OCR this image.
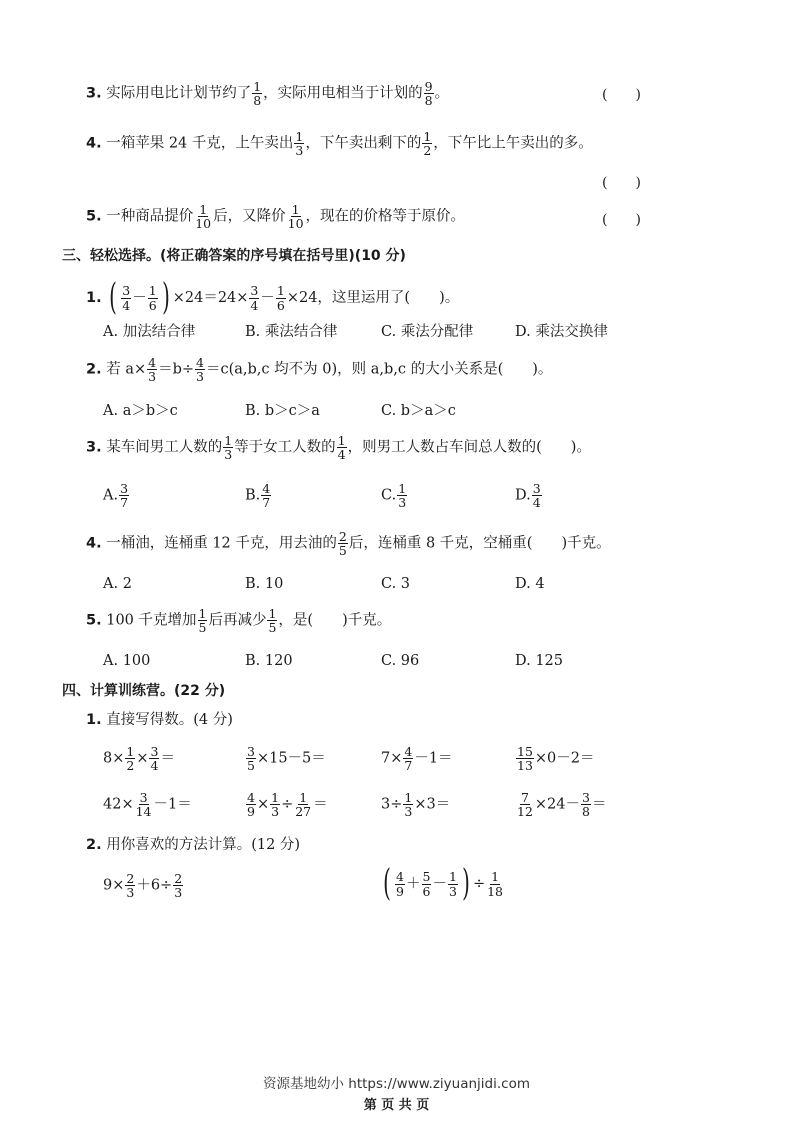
3. 实际用电比计划节约了 $\frac{1}{8}$ ，实际用电相当于计划的 $\frac{9}{8}$ 。	(　　)
4. 一箱苹果 24 千克，上午卖出 $\frac{1}{3}$ ，下午卖出剩下的 $\frac{1}{2}$ ，下午比上午卖出的多。
(　　)
5. 一种商品提价 $\frac{1}{10}$ 后，又降价 $\frac{1}{10}$ ，现在的价格等于原价。	(　　)
三、轻松选择。(将正确答案的序号填在括号里)(10 分)
1. ( $\frac{3}{4} - \frac{1}{6}$ ) $\times 24=24\times \frac{3}{4} - \frac{1}{6} \times 24$，这里运用了(　　)。
A. 加法结合律	B. 乘法结合律	C. 乘法分配律	D. 乘法交换律
2. 若 $a\times \frac{4}{3} =b\div \frac{4}{3} =c(a,b,c$ 均不为 0)，则 a,b,c 的大小关系是(　　)。
A. a＞b＞c	B. b＞c＞a	C. b＞a＞c
3. 某车间男工人数的 $\frac{1}{3}$ 等于女工人数的 $\frac{1}{4}$ ，则男工人数占车间总人数的(　　)。
A. $\frac{3}{7}$	B. $\frac{4}{7}$	C. $\frac{1}{3}$	D. $\frac{3}{4}$
4. 一桶油，连桶重 12 千克，用去油的 $\frac{2}{5}$ 后，连桶重 8 千克，空桶重(　　)千克。
A. 2	B. 10	C. 3	D. 4
5. 100 千克增加 $\frac{1}{5}$ 后再减少 $\frac{1}{5}$ ，是(　　)千克。
A. 100	B. 120	C. 96	D. 125
四、计算训练营。(22 分)
1. 直接写得数。(4 分)
$8\times \frac{1}{2} \times \frac{3}{4}$ ＝	$\frac{3}{5} \times 15-5=$	$7\times \frac{4}{7} -1=$	$\frac{15}{13} \times 0-2=$
$42\times \frac{3}{14} -1=$	$\frac{4}{9} \times \frac{1}{3} \div \frac{1}{27}$ ＝	$3\div \frac{1}{3} \times 3=$	$\frac{7}{12} \times 24- \frac{3}{8}$ ＝
2. 用你喜欢的方法计算。(12 分)
$9\times \frac{2}{3} +6\div \frac{2}{3}$	( $\frac{4}{9} + \frac{5}{6} - \frac{1}{3}$ ) ÷ $\frac{1}{18}$
资源基地幼小 https://www.ziyuanjidi.com
第 页 共 页
